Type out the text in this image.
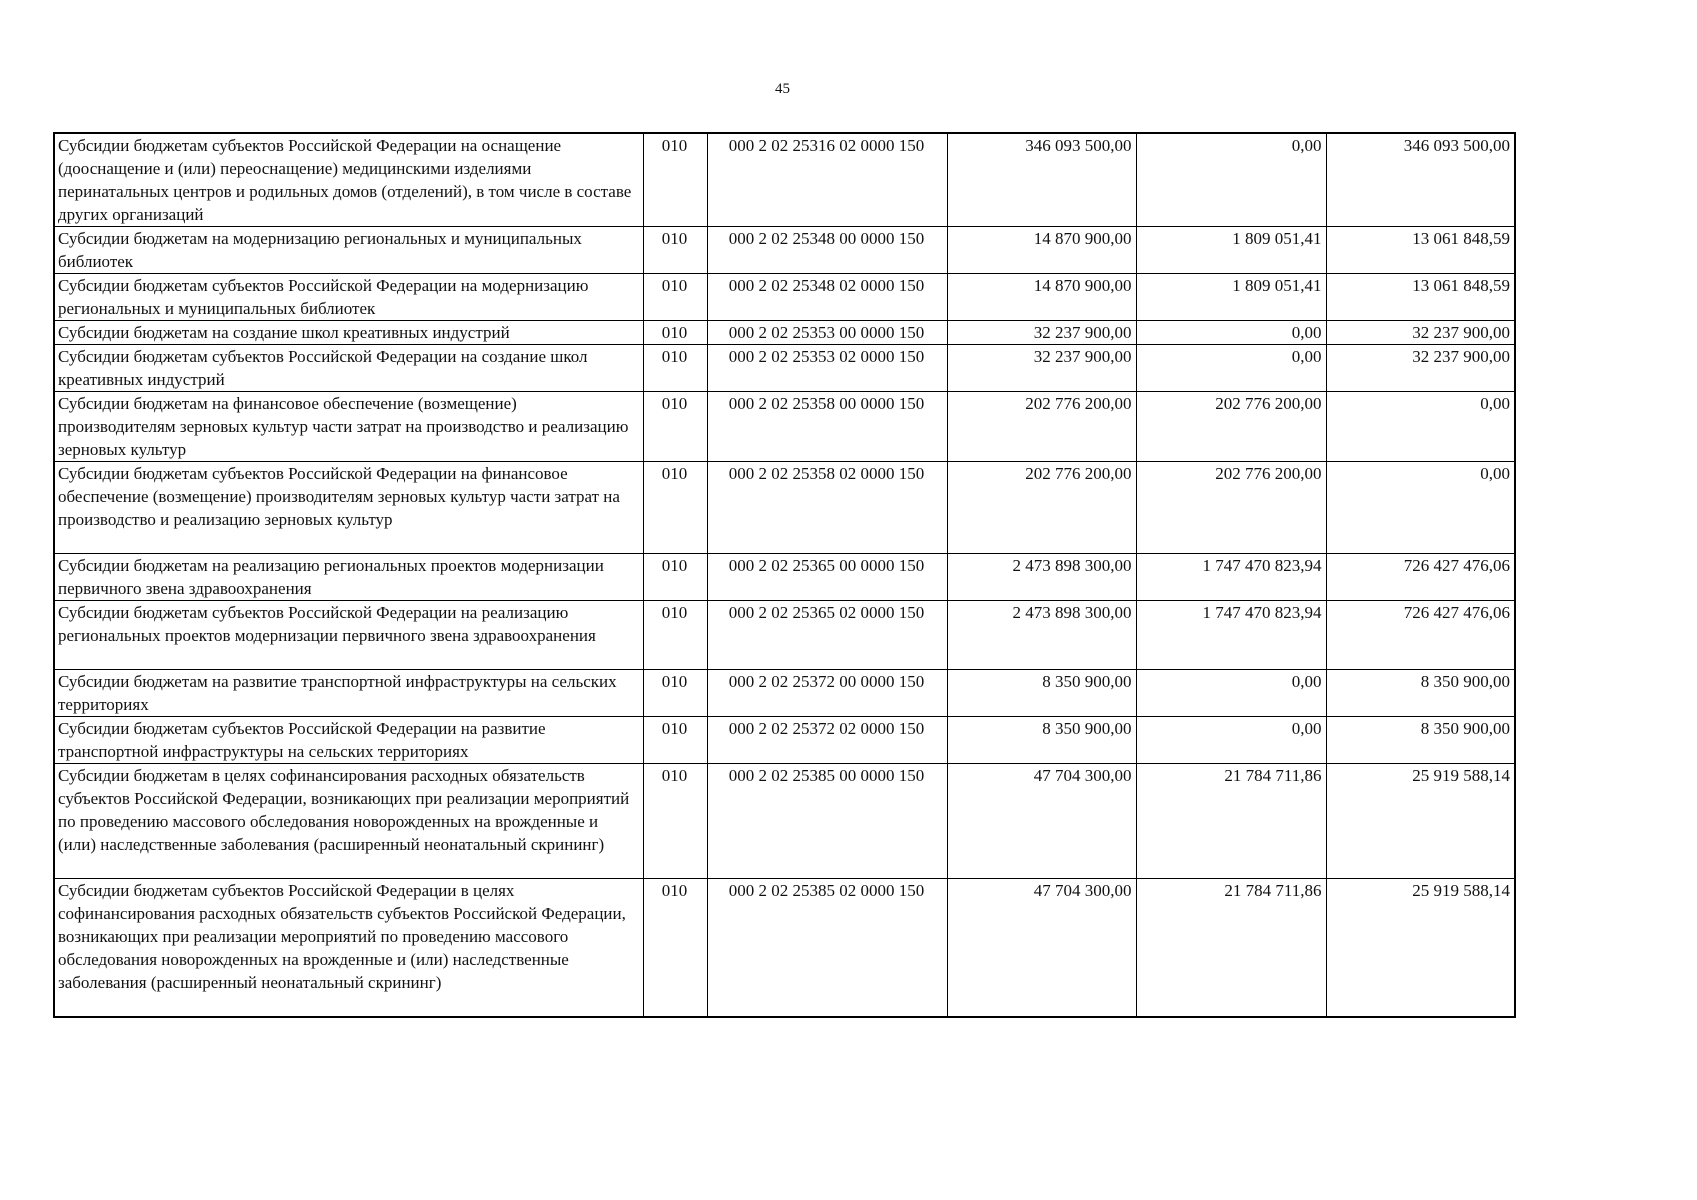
45
Субсидии бюджетам субъектов Российской Федерации на оснащение (дооснащение и (или) переоснащение) медицинскими изделиями перинатальных центров и родильных домов (отделений), в том числе в составе других организаций	010	000 2 02 25316 02 0000 150	346 093 500,00	0,00	346 093 500,00
Субсидии бюджетам на модернизацию региональных и муниципальных библиотек	010	000 2 02 25348 00 0000 150	14 870 900,00	1 809 051,41	13 061 848,59
Субсидии бюджетам субъектов Российской Федерации на модернизацию региональных и муниципальных библиотек	010	000 2 02 25348 02 0000 150	14 870 900,00	1 809 051,41	13 061 848,59
Субсидии бюджетам на создание школ креативных индустрий	010	000 2 02 25353 00 0000 150	32 237 900,00	0,00	32 237 900,00
Субсидии бюджетам субъектов Российской Федерации на создание школ креативных индустрий	010	000 2 02 25353 02 0000 150	32 237 900,00	0,00	32 237 900,00
Субсидии бюджетам на финансовое обеспечение (возмещение) производителям зерновых культур части затрат на производство и реализацию зерновых культур	010	000 2 02 25358 00 0000 150	202 776 200,00	202 776 200,00	0,00
Субсидии бюджетам субъектов Российской Федерации на финансовое обеспечение (возмещение) производителям зерновых культур части затрат на производство и реализацию зерновых культур	010	000 2 02 25358 02 0000 150	202 776 200,00	202 776 200,00	0,00
Субсидии бюджетам на реализацию региональных проектов модернизации первичного звена здравоохранения	010	000 2 02 25365 00 0000 150	2 473 898 300,00	1 747 470 823,94	726 427 476,06
Субсидии бюджетам субъектов Российской Федерации на реализацию региональных проектов модернизации первичного звена здравоохранения	010	000 2 02 25365 02 0000 150	2 473 898 300,00	1 747 470 823,94	726 427 476,06
Субсидии бюджетам на развитие транспортной инфраструктуры на сельских территориях	010	000 2 02 25372 00 0000 150	8 350 900,00	0,00	8 350 900,00
Субсидии бюджетам субъектов Российской Федерации на развитие транспортной инфраструктуры на сельских территориях	010	000 2 02 25372 02 0000 150	8 350 900,00	0,00	8 350 900,00
Субсидии бюджетам в целях софинансирования расходных обязательств субъектов Российской Федерации, возникающих при реализации мероприятий по проведению массового обследования новорожденных на врожденные и (или) наследственные заболевания (расширенный неонатальный скрининг)	010	000 2 02 25385 00 0000 150	47 704 300,00	21 784 711,86	25 919 588,14
Субсидии бюджетам субъектов Российской Федерации в целях софинансирования расходных обязательств субъектов Российской Федерации, возникающих при реализации мероприятий по проведению массового обследования новорожденных на врожденные и (или) наследственные заболевания (расширенный неонатальный скрининг)	010	000 2 02 25385 02 0000 150	47 704 300,00	21 784 711,86	25 919 588,14
